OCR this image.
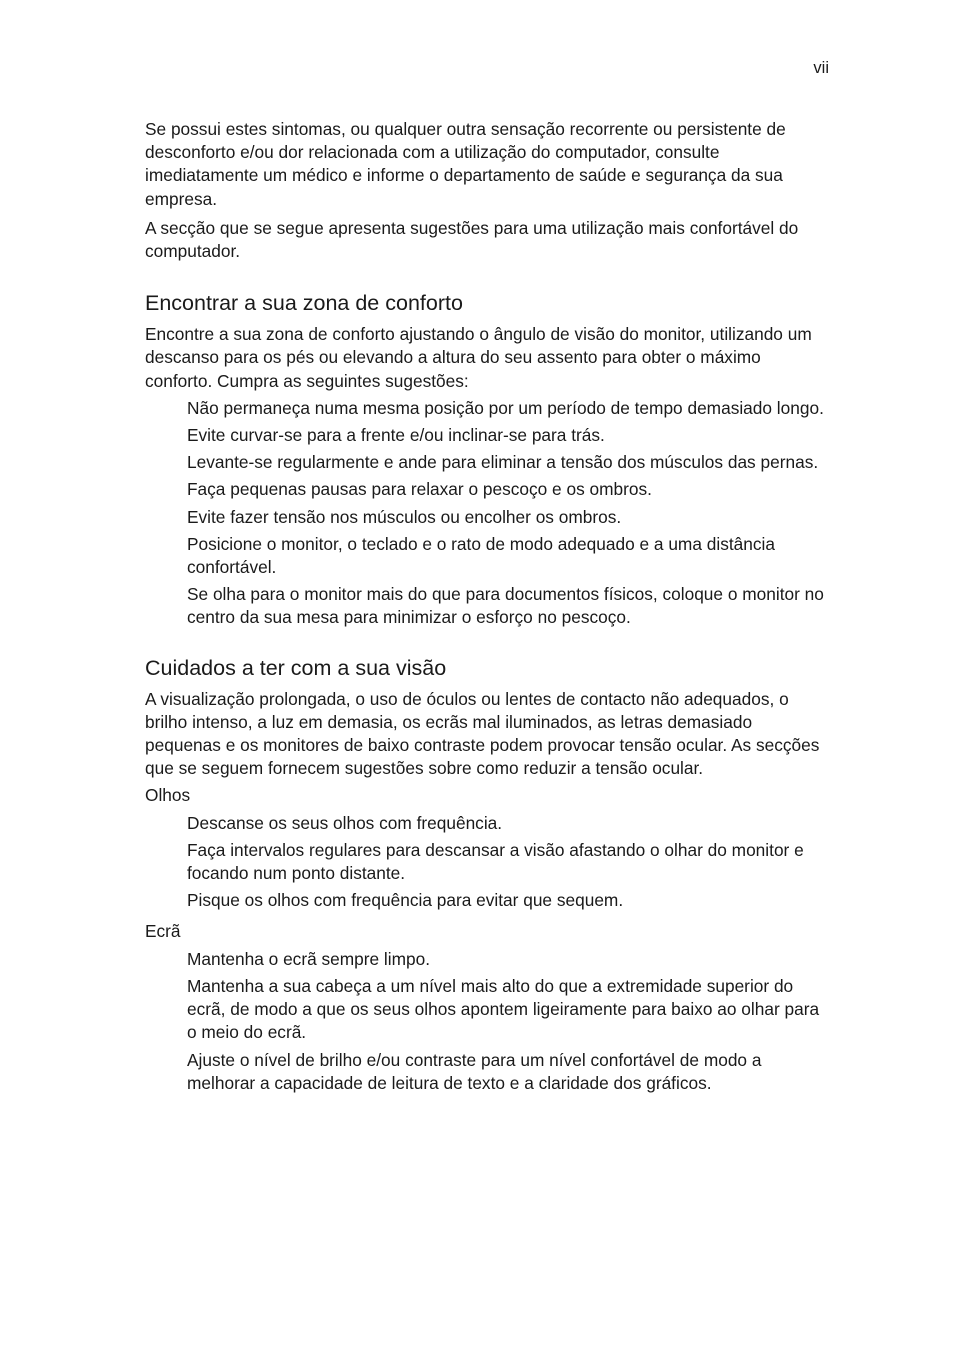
vii

Se possui estes sintomas, ou qualquer outra sensação recorrente ou persistente de desconforto e/ou dor relacionada com a utilização do computador, consulte imediatamente um médico e informe o departamento de saúde e segurança da sua empresa.

A secção que se segue apresenta sugestões para uma utilização mais confortável do computador.

Encontrar a sua zona de conforto

Encontre a sua zona de conforto ajustando o ângulo de visão do monitor, utilizando um descanso para os pés ou elevando a altura do seu assento para obter o máximo conforto. Cumpra as seguintes sugestões:

Não permaneça numa mesma posição por um período de tempo demasiado longo.
Evite curvar-se para a frente e/ou inclinar-se para trás.
Levante-se regularmente e ande para eliminar a tensão dos músculos das pernas.
Faça pequenas pausas para relaxar o pescoço e os ombros.
Evite fazer tensão nos músculos ou encolher os ombros.
Posicione o monitor, o teclado e o rato de modo adequado e a uma distância confortável.
Se olha para o monitor mais do que para documentos físicos, coloque o monitor no centro da sua mesa para minimizar o esforço no pescoço.
Cuidados a ter com a sua visão

A visualização prolongada, o uso de óculos ou lentes de contacto não adequados, o brilho intenso, a luz em demasia, os ecrãs mal iluminados, as letras demasiado pequenas e os monitores de baixo contraste podem provocar tensão ocular. As secções que se seguem fornecem sugestões sobre como reduzir a tensão ocular.

Olhos

Descanse os seus olhos com frequência.
Faça intervalos regulares para descansar a visão afastando o olhar do monitor e focando num ponto distante.
Pisque os olhos com frequência para evitar que sequem.

Ecrã

Mantenha o ecrã sempre limpo.
Mantenha a sua cabeça a um nível mais alto do que a extremidade superior do ecrã, de modo a que os seus olhos apontem ligeiramente para baixo ao olhar para o meio do ecrã.
Ajuste o nível de brilho e/ou contraste para um nível confortável de modo a melhorar a capacidade de leitura de texto e a claridade dos gráficos.
